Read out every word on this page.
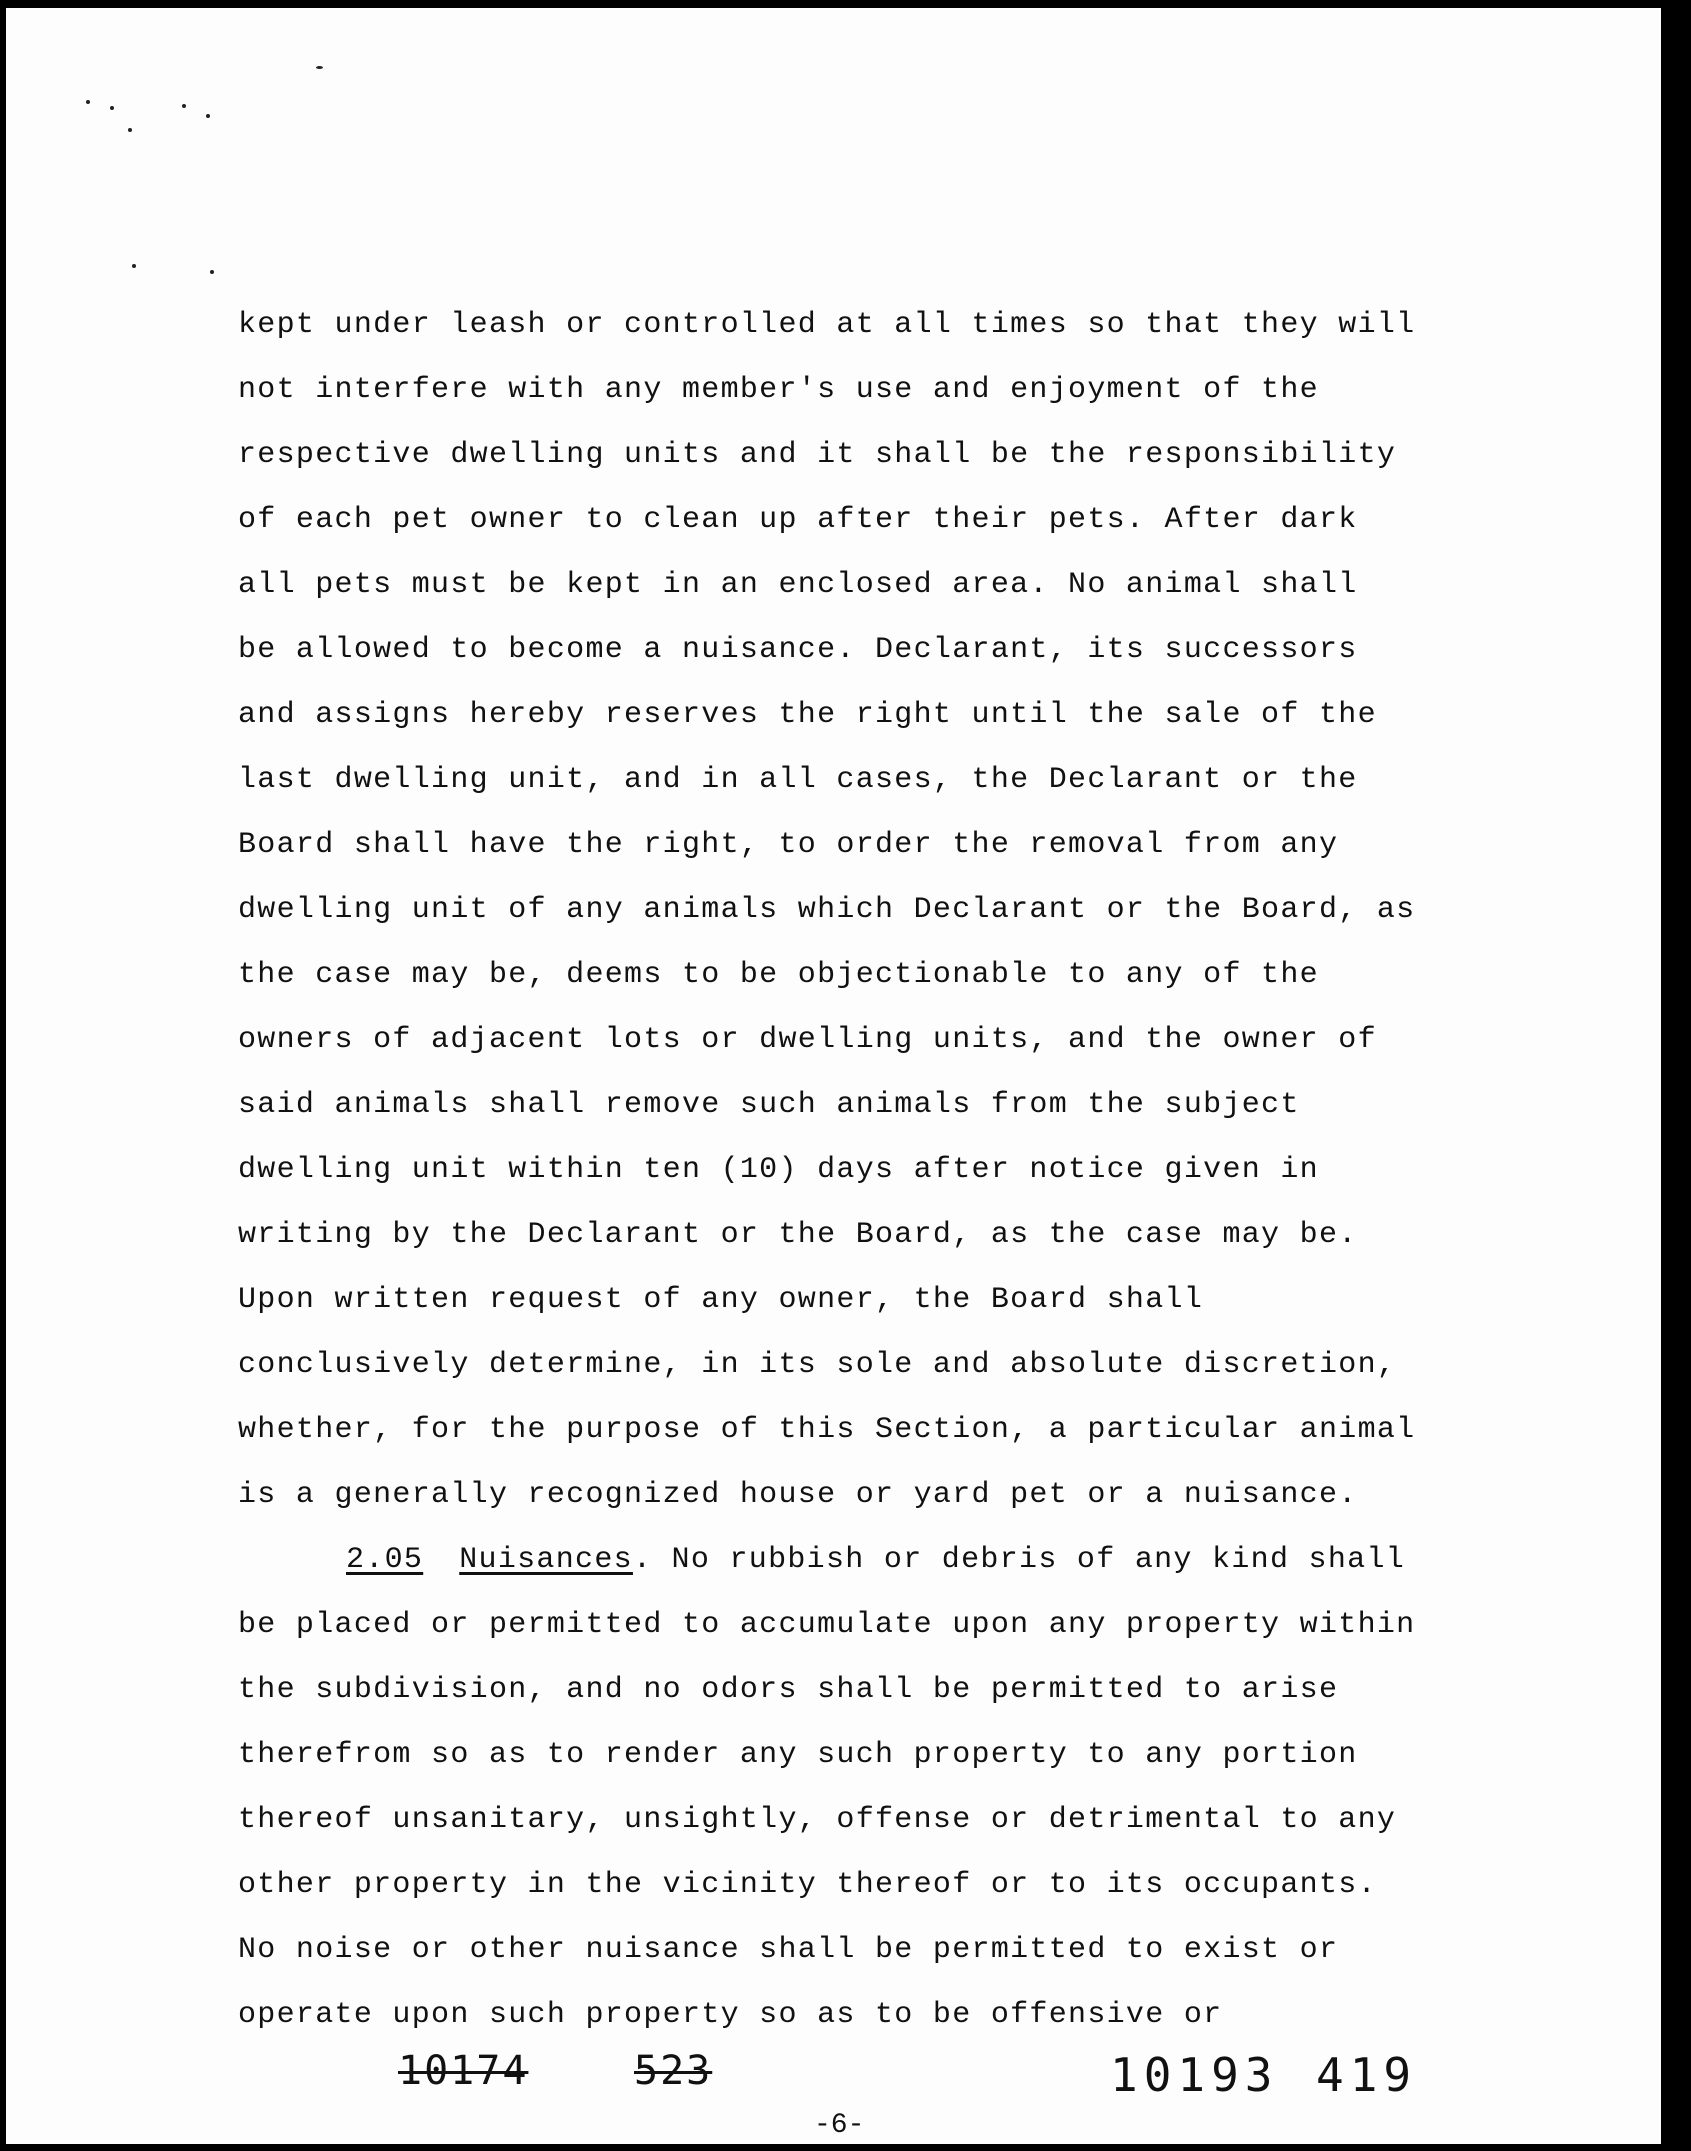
kept under leash or controlled at all times so that they will
not interfere with any member's use and enjoyment of the
respective dwelling units and it shall be the responsibility
of each pet owner to clean up after their pets. After dark
all pets must be kept in an enclosed area. No animal shall
be allowed to become a nuisance. Declarant, its successors
and assigns hereby reserves the right until the sale of the
last dwelling unit, and in all cases, the Declarant or the
Board shall have the right, to order the removal from any
dwelling unit of any animals which Declarant or the Board, as
the case may be, deems to be objectionable to any of the
owners of adjacent lots or dwelling units, and the owner of
said animals shall remove such animals from the subject
dwelling unit within ten (10) days after notice given in
writing by the Declarant or the Board, as the case may be.
Upon written request of any owner, the Board shall
conclusively determine, in its sole and absolute discretion,
whether, for the purpose of this Section, a particular animal
is a generally recognized house or yard pet or a nuisance.
2.05 Nuisances. No rubbish or debris of any kind shall
be placed or permitted to accumulate upon any property within
the subdivision, and no odors shall be permitted to arise
therefrom so as to render any such property to any portion
thereof unsanitary, unsightly, offense or detrimental to any
other property in the vicinity thereof or to its occupants.
No noise or other nuisance shall be permitted to exist or
operate upon such property so as to be offensive or
10174	523	10193 419
-6-
